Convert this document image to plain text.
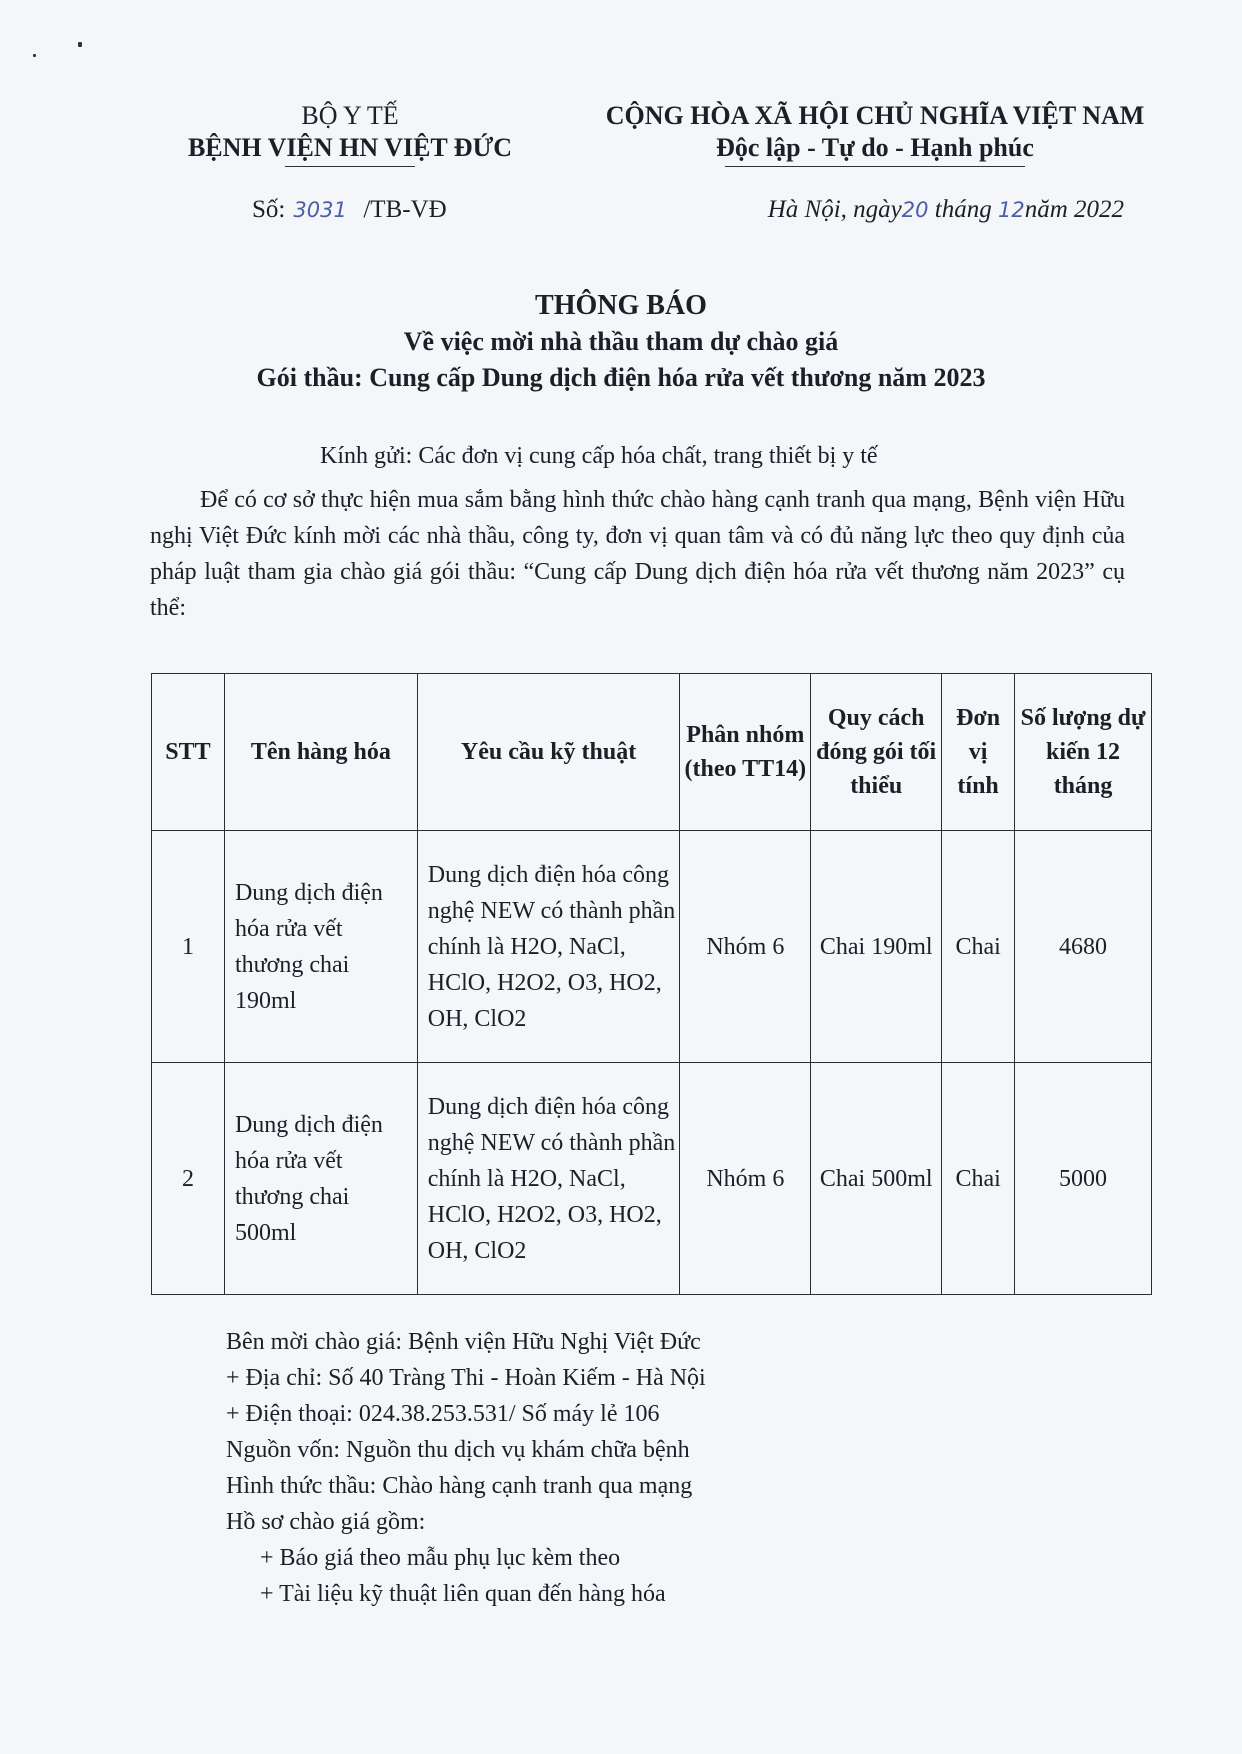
BỘ Y TẾ
BỆNH VIỆN HN VIỆT ĐỨC
CỘNG HÒA XÃ HỘI CHỦ NGHĨA VIỆT NAM
Độc lập - Tự do - Hạnh phúc
Số: 3031 /TB-VĐ	Hà Nội, ngày20 tháng 12năm 2022
THÔNG BÁO
Về việc mời nhà thầu tham dự chào giá
Gói thầu: Cung cấp Dung dịch điện hóa rửa vết thương năm 2023
Kính gửi: Các đơn vị cung cấp hóa chất, trang thiết bị y tế
Để có cơ sở thực hiện mua sắm bằng hình thức chào hàng cạnh tranh qua mạng, Bệnh viện Hữu nghị Việt Đức kính mời các nhà thầu, công ty, đơn vị quan tâm và có đủ năng lực theo quy định của pháp luật tham gia chào giá gói thầu: “Cung cấp Dung dịch điện hóa rửa vết thương năm 2023” cụ thể:
STT	Tên hàng hóa	Yêu cầu kỹ thuật	Phân nhóm (theo TT14)	Quy cách đóng gói tối thiểu	Đơn vị tính	Số lượng dự kiến 12 tháng
1	Dung dịch điện hóa rửa vết thương chai 190ml	Dung dịch điện hóa công nghệ NEW có thành phần chính là H2O, NaCl, HClO, H2O2, O3, HO2, OH, ClO2	Nhóm 6	Chai 190ml	Chai	4680
2	Dung dịch điện hóa rửa vết thương chai 500ml	Dung dịch điện hóa công nghệ NEW có thành phần chính là H2O, NaCl, HClO, H2O2, O3, HO2, OH, ClO2	Nhóm 6	Chai 500ml	Chai	5000
Bên mời chào giá: Bệnh viện Hữu Nghị Việt Đức
+ Địa chỉ: Số 40 Tràng Thi - Hoàn Kiếm - Hà Nội
+ Điện thoại: 024.38.253.531/ Số máy lẻ 106
Nguồn vốn: Nguồn thu dịch vụ khám chữa bệnh
Hình thức thầu: Chào hàng cạnh tranh qua mạng
Hồ sơ chào giá gồm:
+ Báo giá theo mẫu phụ lục kèm theo
+ Tài liệu kỹ thuật liên quan đến hàng hóa
